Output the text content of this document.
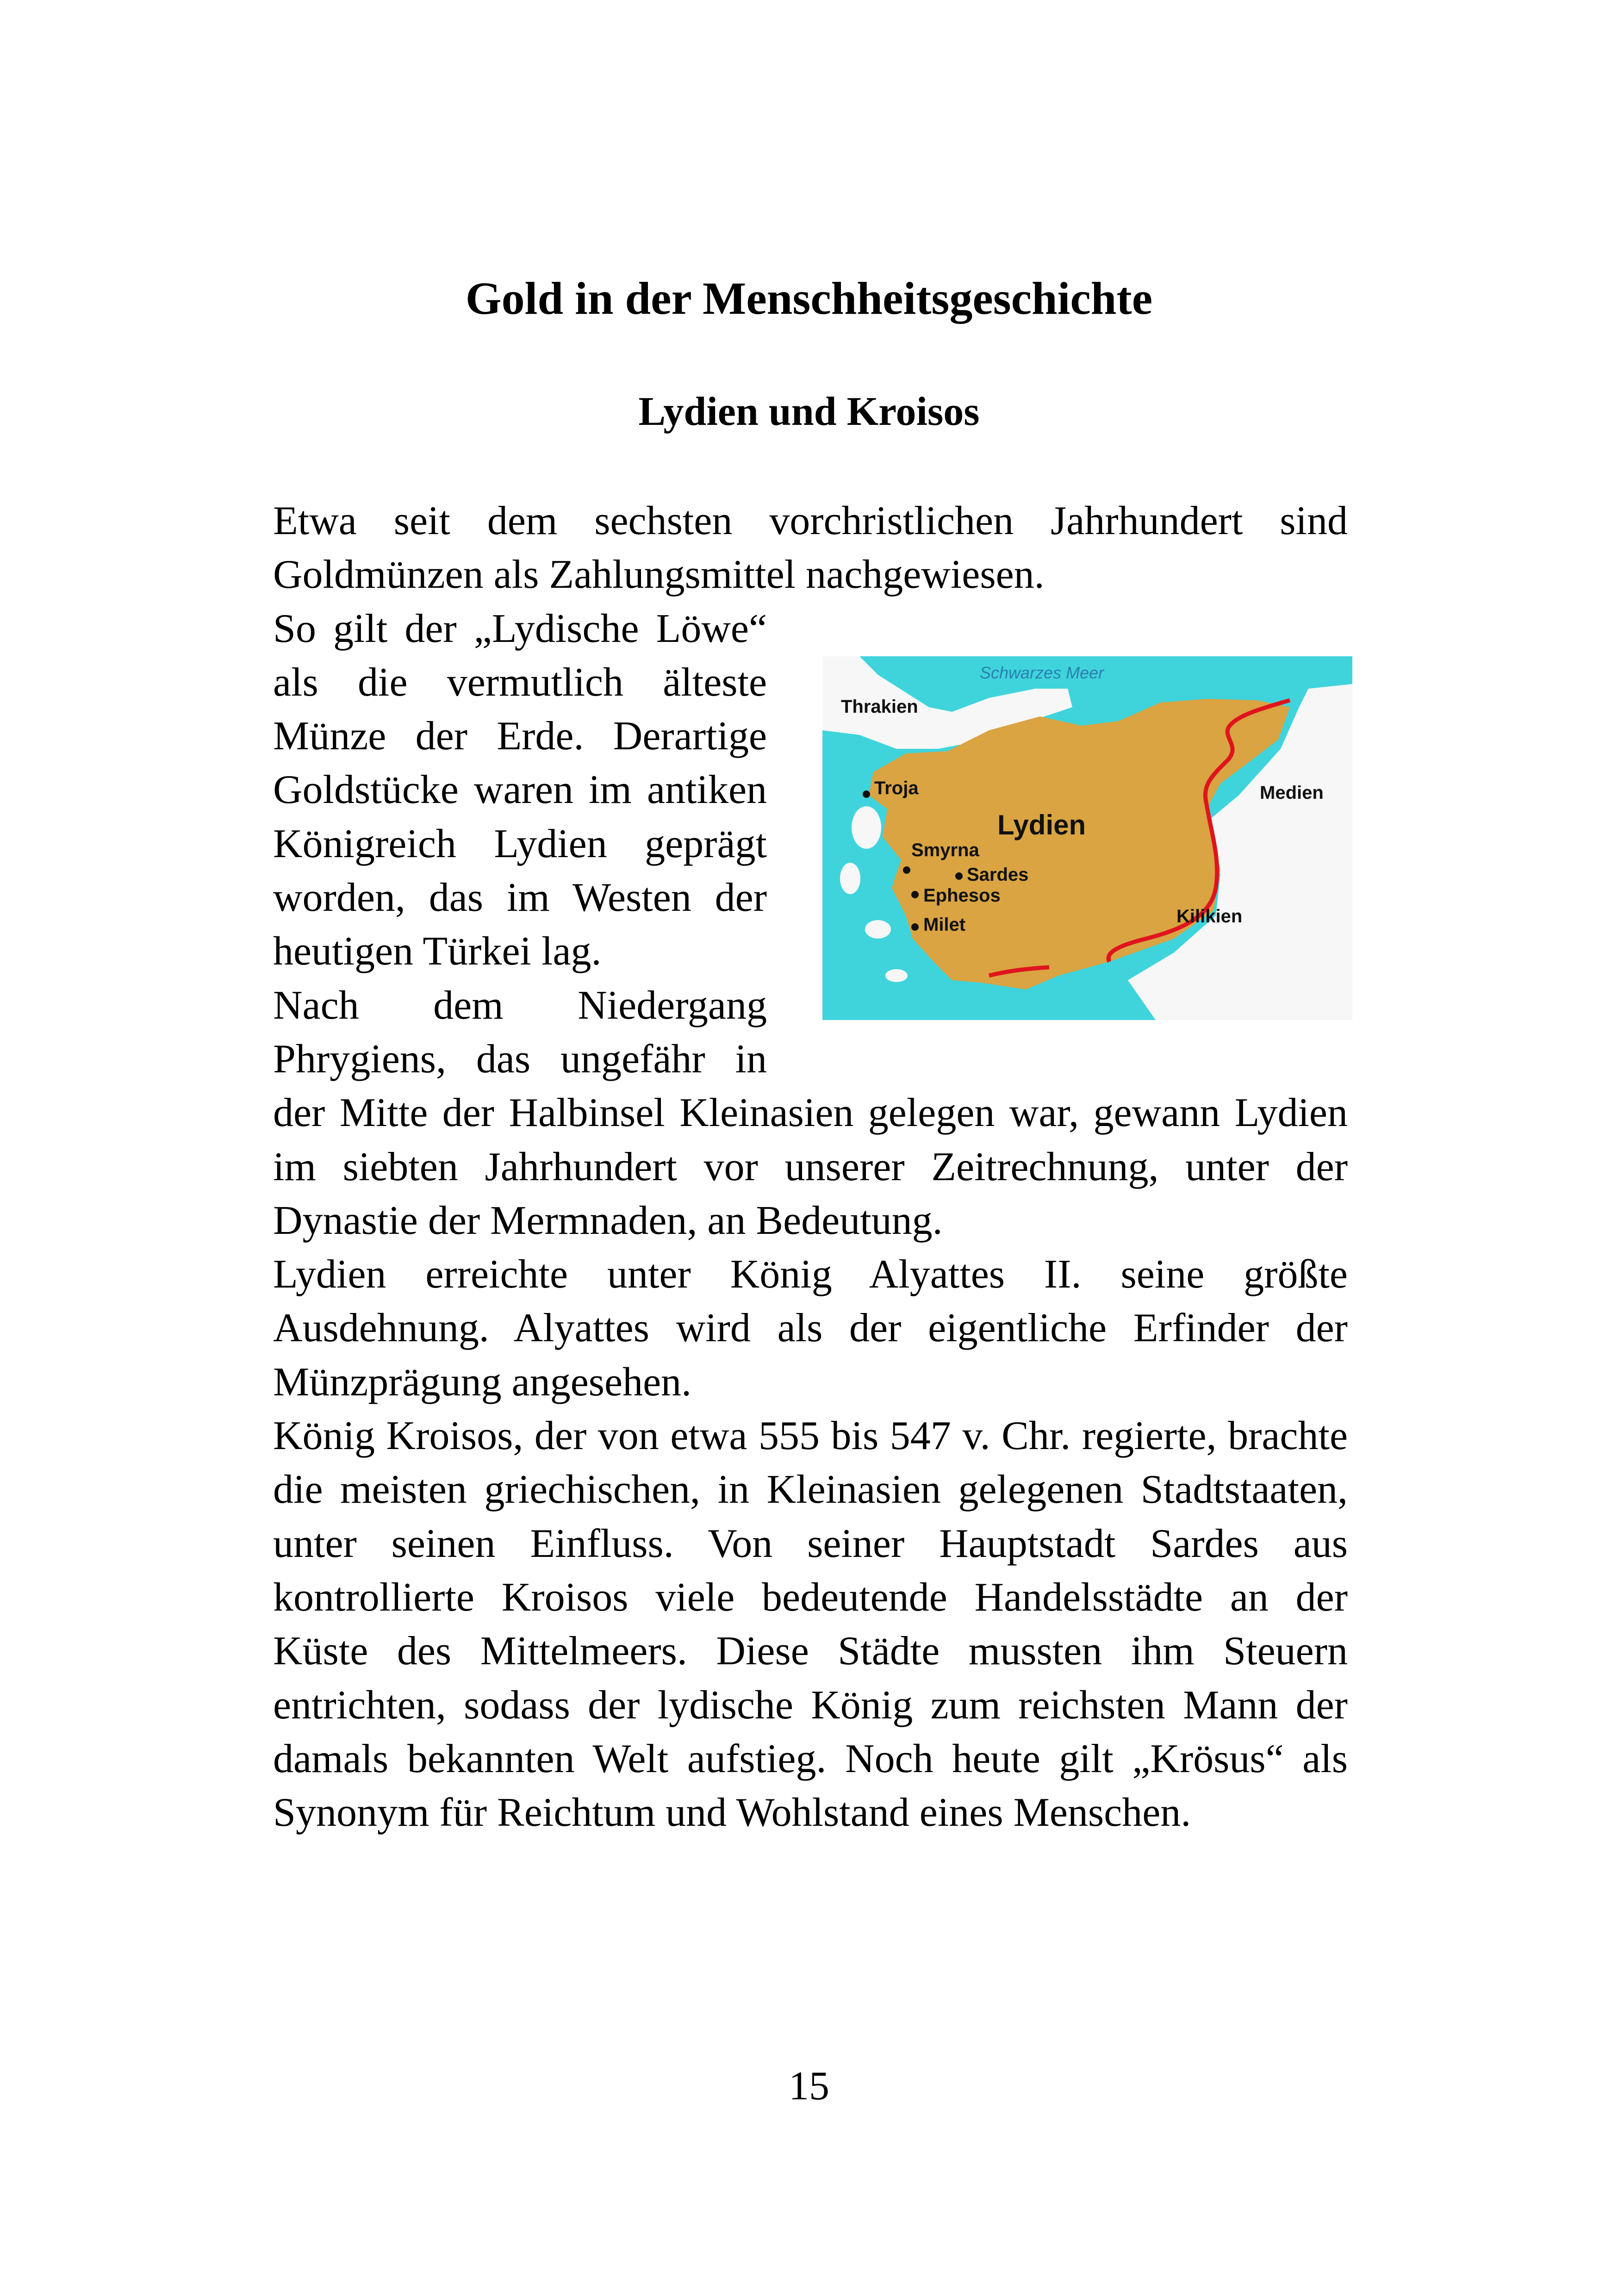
Gold in der Menschheitsgeschichte
Lydien und Kroisos

Etwa seit dem sechsten vorchristlichen Jahrhundert sind Goldmünzen als Zahlungsmittel nachgewiesen.

Schwarzes Meer
Thrakien
Medien
Kilikien
Lydien
Troja
Smyrna
Sardes
Ephesos
Milet

So gilt der „Lydische Löwe“ als die vermutlich älteste Münze der Erde. Derartige Goldstücke waren im antiken Königreich Lydien geprägt worden, das im Westen der heutigen Türkei lag.

Nach dem Niedergang Phrygiens, das ungefähr in der Mitte der Halbinsel Kleinasien gelegen war, gewann Lydien im siebten Jahrhundert vor unserer Zeitrechnung, unter der Dynastie der Mermnaden, an Bedeutung.

Lydien erreichte unter König Alyattes II. seine größte Ausdehnung. Alyattes wird als der eigentliche Erfinder der Münzprägung angesehen.

König Kroisos, der von etwa 555 bis 547 v. Chr. regierte, brachte die meisten griechischen, in Kleinasien gelegenen Stadtstaaten, unter seinen Einfluss. Von seiner Hauptstadt Sardes aus kontrollierte Kroisos viele bedeutende Handelsstädte an der Küste des Mittelmeers. Diese Städte mussten ihm Steuern entrichten, sodass der lydische König zum reichsten Mann der damals bekannten Welt aufstieg. Noch heute gilt „Krösus“ als Synonym für Reichtum und Wohlstand eines Menschen.

15
